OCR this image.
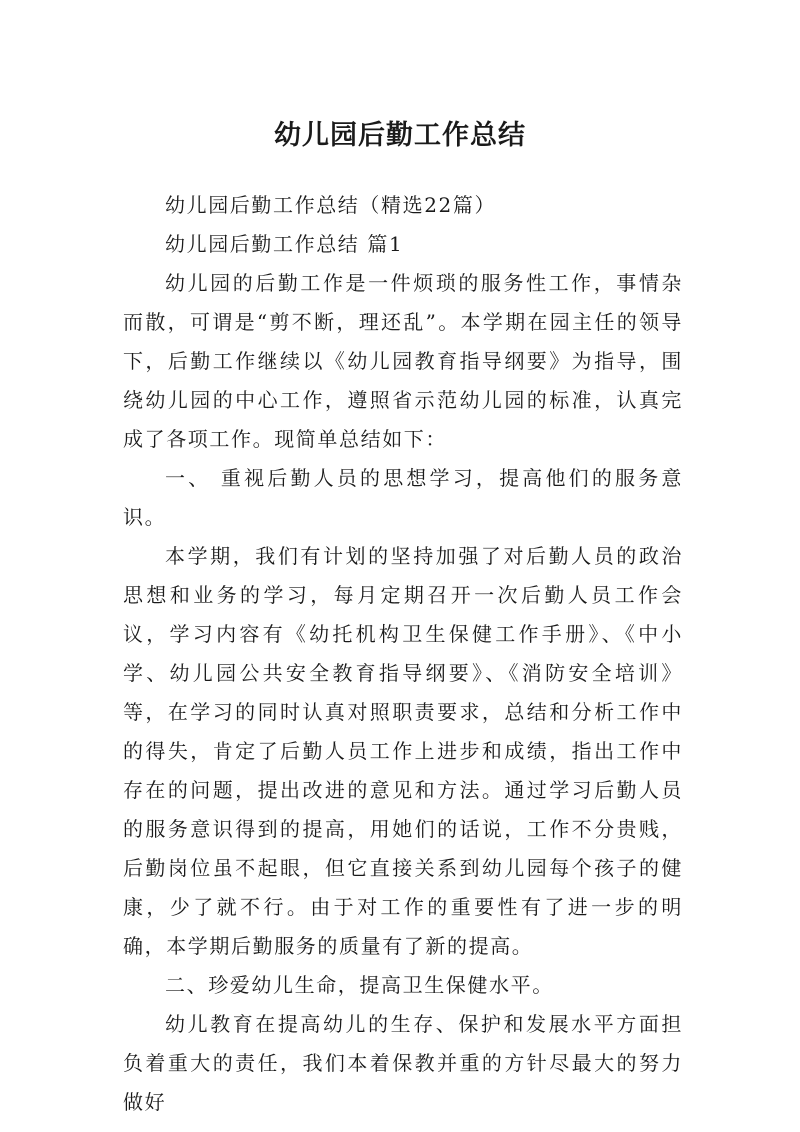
幼儿园后勤工作总结

幼儿园后勤工作总结（精选22篇）

幼儿园后勤工作总结 篇1

幼儿园的后勤工作是一件烦琐的服务性工作，事情杂而散，可谓是“剪不断，理还乱”。本学期在园主任的领导下，后勤工作继续以《幼儿园教育指导纲要》为指导，围绕幼儿园的中心工作，遵照省示范幼儿园的标准，认真完成了各项工作。现简单总结如下：

一、 重视后勤人员的思想学习，提高他们的服务意识。

本学期，我们有计划的坚持加强了对后勤人员的政治思想和业务的学习，每月定期召开一次后勤人员工作会议，学习内容有《幼托机构卫生保健工作手册》、《中小学、幼儿园公共安全教育指导纲要》、《消防安全培训》等，在学习的同时认真对照职责要求，总结和分析工作中的得失，肯定了后勤人员工作上进步和成绩，指出工作中存在的问题，提出改进的意见和方法。通过学习后勤人员的服务意识得到的提高，用她们的话说，工作不分贵贱，后勤岗位虽不起眼，但它直接关系到幼儿园每个孩子的健康，少了就不行。由于对工作的重要性有了进一步的明确，本学期后勤服务的质量有了新的提高。

二、珍爱幼儿生命，提高卫生保健水平。

幼儿教育在提高幼儿的生存、保护和发展水平方面担负着重大的责任，我们本着保教并重的方针尽最大的努力做好
